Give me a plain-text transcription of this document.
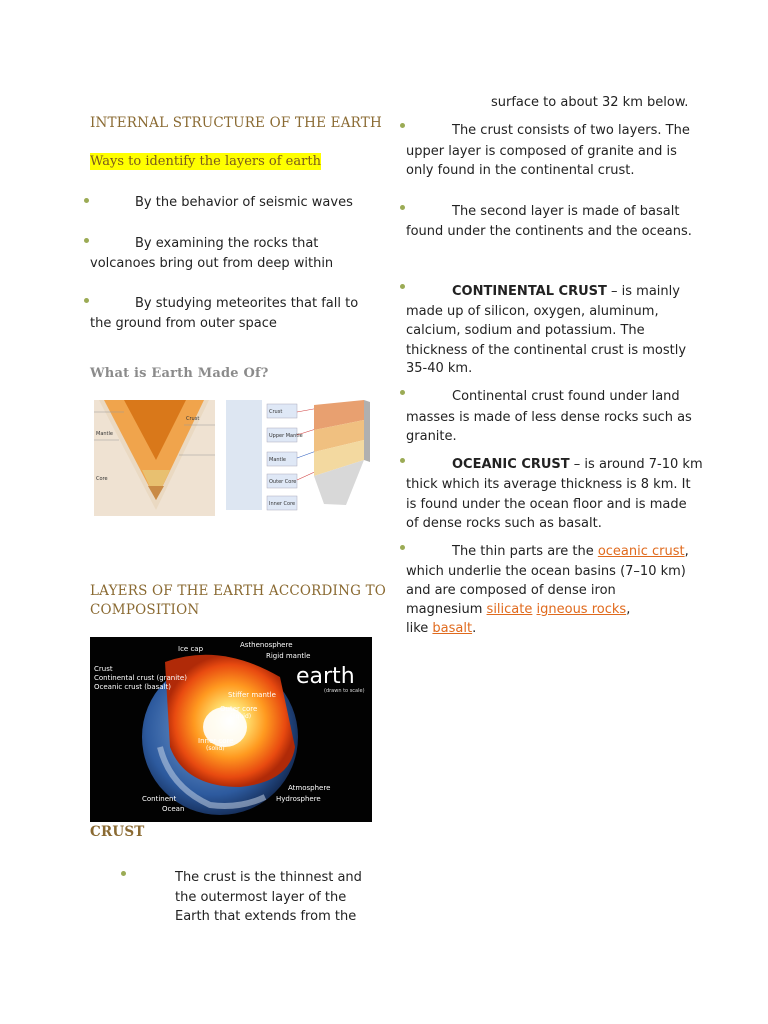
INTERNAL STRUCTURE OF THE EARTH
Ways to identify the layers of earth
By the behavior of seismic waves
By examining the rocks that
volcanoes bring out from deep within
By studying meteorites that fall to
the ground from outer space
What is Earth Made Of?
Mantle
Core
Crust
Crust
Upper Mantle
Mantle
Outer Core
Inner Core
LAYERS OF THE EARTH ACCORDING TO
COMPOSITION
Ice cap	Asthenosphere
Rigid mantle
Crust
Continental crust (granite)
Oceanic crust (basalt)	earth
(drawn to scale)
Stiffer mantle
Outer core
(liquid)
Inner core
(solid)
Atmosphere
Hydrosphere
Continent
Ocean
CRUST
The crust is the thinnest and
the outermost layer of the
Earth that extends from the
surface to about 32 km below.
The crust consists of two layers. The
upper layer is composed of granite and is
only found in the continental crust.
The second layer is made of basalt
found under the continents and the oceans.
CONTINENTAL CRUST – is mainly
made up of silicon, oxygen, aluminum,
calcium, sodium and potassium. The
thickness of the continental crust is mostly
35-40 km.
Continental crust found under land
masses is made of less dense rocks such as
granite.
OCEANIC CRUST – is around 7-10 km
thick which its average thickness is 8 km. It
is found under the ocean floor and is made
of dense rocks such as basalt.
The thin parts are the oceanic crust,
which underlie the ocean basins (7–10 km)
and are composed of dense iron
magnesium silicate igneous rocks,
like basalt.
